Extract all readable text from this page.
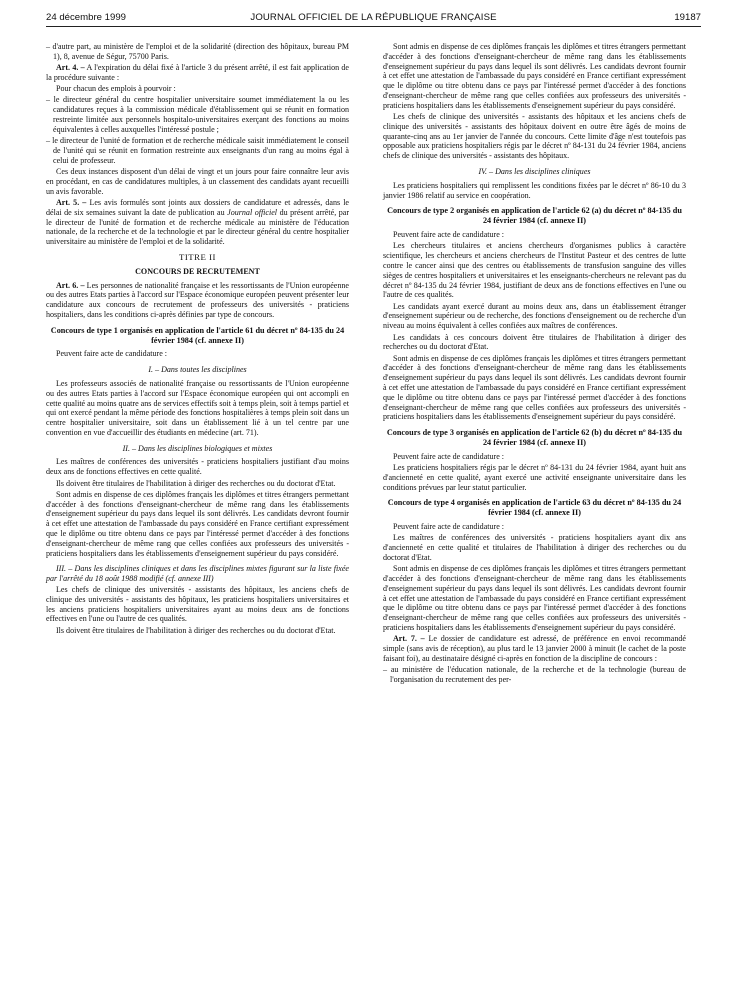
24 décembre 1999	JOURNAL OFFICIEL DE LA RÉPUBLIQUE FRANÇAISE	19187

– d'autre part, au ministère de l'emploi et de la solidarité (direction des hôpitaux, bureau PM 1), 8, avenue de Ségur, 75700 Paris.

Art. 4. – A l'expiration du délai fixé à l'article 3 du présent arrêté, il est fait application de la procédure suivante :

Pour chacun des emplois à pourvoir :

– le directeur général du centre hospitalier universitaire soumet immédiatement la ou les candidatures reçues à la commission médicale d'établissement qui se réunit en formation restreinte limitée aux personnels hospitalo-universitaires exerçant des fonctions au moins équivalentes à celles auxquelles l'intéressé postule ;

– le directeur de l'unité de formation et de recherche médicale saisit immédiatement le conseil de l'unité qui se réunit en formation restreinte aux enseignants d'un rang au moins égal à celui de professeur.

Ces deux instances disposent d'un délai de vingt et un jours pour faire connaître leur avis en procédant, en cas de candidatures multiples, à un classement des candidats ayant recueilli un avis favorable.

Art. 5. – Les avis formulés sont joints aux dossiers de candidature et adressés, dans le délai de six semaines suivant la date de publication au Journal officiel du présent arrêté, par le directeur de l'unité de formation et de recherche médicale au ministère de l'éducation nationale, de la recherche et de la technologie et par le directeur général du centre hospitalier universitaire au ministère de l'emploi et de la solidarité.

TITRE II
CONCOURS DE RECRUTEMENT

Art. 6. – Les personnes de nationalité française et les ressortissants de l'Union européenne ou des autres Etats parties à l'accord sur l'Espace économique européen peuvent présenter leur candidature aux concours de recrutement de professeurs des universités - praticiens hospitaliers, dans les conditions ci-après définies par type de concours.

Concours de type 1 organisés en application de l'article 61 du décret nº 84-135 du 24 février 1984 (cf. annexe II)

Peuvent faire acte de candidature :

I. – Dans toutes les disciplines

Les professeurs associés de nationalité française ou ressortissants de l'Union européenne ou des autres Etats parties à l'accord sur l'Espace économique européen qui ont accompli en cette qualité au moins quatre ans de services effectifs soit à temps plein, soit à temps partiel et qui ont exercé pendant la même période des fonctions hospitalières à temps plein soit dans un centre hospitalier universitaire, soit dans un établissement lié à un tel centre par une convention en vue d'accueillir des étudiants en médecine (art. 71).

II. – Dans les disciplines biologiques et mixtes

Les maîtres de conférences des universités - praticiens hospitaliers justifiant d'au moins deux ans de fonctions effectives en cette qualité.

Ils doivent être titulaires de l'habilitation à diriger des recherches ou du doctorat d'Etat.

Sont admis en dispense de ces diplômes français les diplômes et titres étrangers permettant d'accéder à des fonctions d'enseignant-chercheur de même rang dans les établissements d'enseignement supérieur du pays dans lequel ils sont délivrés. Les candidats devront fournir à cet effet une attestation de l'ambassade du pays considéré en France certifiant expressément que le diplôme ou titre obtenu dans ce pays par l'intéressé permet d'accéder à des fonctions d'enseignant-chercheur de même rang que celles confiées aux professeurs des universités - praticiens hospitaliers dans les établissements d'enseignement supérieur du pays considéré.

III. – Dans les disciplines cliniques et dans les disciplines mixtes figurant sur la liste fixée par l'arrêté du 18 août 1988 modifié (cf. annexe III)

Les chefs de clinique des universités - assistants des hôpitaux, les anciens chefs de clinique des universités - assistants des hôpitaux, les praticiens hospitaliers universitaires et les anciens praticiens hospitaliers universitaires ayant au moins deux ans de fonctions effectives en l'une ou l'autre de ces qualités.

Ils doivent être titulaires de l'habilitation à diriger des recherches ou du doctorat d'Etat.

Sont admis en dispense de ces diplômes français les diplômes et titres étrangers permettant d'accéder à des fonctions d'enseignant-chercheur de même rang dans les établissements d'enseignement supérieur du pays dans lequel ils sont délivrés. Les candidats devront fournir à cet effet une attestation de l'ambassade du pays considéré en France certifiant expressément que le diplôme ou titre obtenu dans ce pays par l'intéressé permet d'accéder à des fonctions d'enseignant-chercheur de même rang que celles confiées aux professeurs des universités - praticiens hospitaliers dans les établissements d'enseignement supérieur du pays considéré.

Les chefs de clinique des universités - assistants des hôpitaux et les anciens chefs de clinique des universités - assistants des hôpitaux doivent en outre être âgés de moins de quarante-cinq ans au 1er janvier de l'année du concours. Cette limite d'âge n'est toutefois pas opposable aux praticiens hospitaliers régis par le décret nº 84-131 du 24 février 1984, anciens chefs de clinique des universités - assistants des hôpitaux.

IV. – Dans les disciplines cliniques

Les praticiens hospitaliers qui remplissent les conditions fixées par le décret nº 86-10 du 3 janvier 1986 relatif au service en coopération.

Concours de type 2 organisés en application de l'article 62 (a) du décret nº 84-135 du 24 février 1984 (cf. annexe II)

Peuvent faire acte de candidature :

Les chercheurs titulaires et anciens chercheurs d'organismes publics à caractère scientifique, les chercheurs et anciens chercheurs de l'Institut Pasteur et des centres de lutte contre le cancer ainsi que des centres ou établissements de transfusion sanguine des villes sièges de centres hospitaliers et universitaires et les enseignants-chercheurs ne relevant pas du décret nº 84-135 du 24 février 1984, justifiant de deux ans de fonctions effectives en l'une ou l'autre de ces qualités.

Les candidats ayant exercé durant au moins deux ans, dans un établissement étranger d'enseignement supérieur ou de recherche, des fonctions d'enseignement ou de recherche d'un niveau au moins équivalent à celles confiées aux maîtres de conférences.

Les candidats à ces concours doivent être titulaires de l'habilitation à diriger des recherches ou du doctorat d'Etat.

Sont admis en dispense de ces diplômes français les diplômes et titres étrangers permettant d'accéder à des fonctions d'enseignant-chercheur de même rang dans les établissements d'enseignement supérieur du pays dans lequel ils sont délivrés. Les candidats devront fournir à cet effet une attestation de l'ambassade du pays considéré en France certifiant expressément que le diplôme ou titre obtenu dans ce pays par l'intéressé permet d'accéder à des fonctions d'enseignant-chercheur de même rang que celles confiées aux professeurs des universités - praticiens hospitaliers dans les établissements d'enseignement supérieur du pays considéré.

Concours de type 3 organisés en application de l'article 62 (b) du décret nº 84-135 du 24 février 1984 (cf. annexe II)

Peuvent faire acte de candidature :

Les praticiens hospitaliers régis par le décret nº 84-131 du 24 février 1984, ayant huit ans d'ancienneté en cette qualité, ayant exercé une activité enseignante universitaire dans les conditions prévues par leur statut particulier.

Concours de type 4 organisés en application de l'article 63 du décret nº 84-135 du 24 février 1984 (cf. annexe II)

Peuvent faire acte de candidature :

Les maîtres de conférences des universités - praticiens hospitaliers ayant dix ans d'ancienneté en cette qualité et titulaires de l'habilitation à diriger des recherches ou du doctorat d'Etat.

Sont admis en dispense de ces diplômes français les diplômes et titres étrangers permettant d'accéder à des fonctions d'enseignant-chercheur de même rang dans les établissements d'enseignement supérieur du pays dans lequel ils sont délivrés. Les candidats devront fournir à cet effet une attestation de l'ambassade du pays considéré en France certifiant expressément que le diplôme ou titre obtenu dans ce pays par l'intéressé permet d'accéder à des fonctions d'enseignant-chercheur de même rang que celles confiées aux professeurs des universités - praticiens hospitaliers dans les établissements d'enseignement supérieur du pays considéré.

Art. 7. – Le dossier de candidature est adressé, de préférence en envoi recommandé simple (sans avis de réception), au plus tard le 13 janvier 2000 à minuit (le cachet de la poste faisant foi), au destinataire désigné ci-après en fonction de la discipline de concours :

– au ministère de l'éducation nationale, de la recherche et de la technologie (bureau de l'organisation du recrutement des per-
